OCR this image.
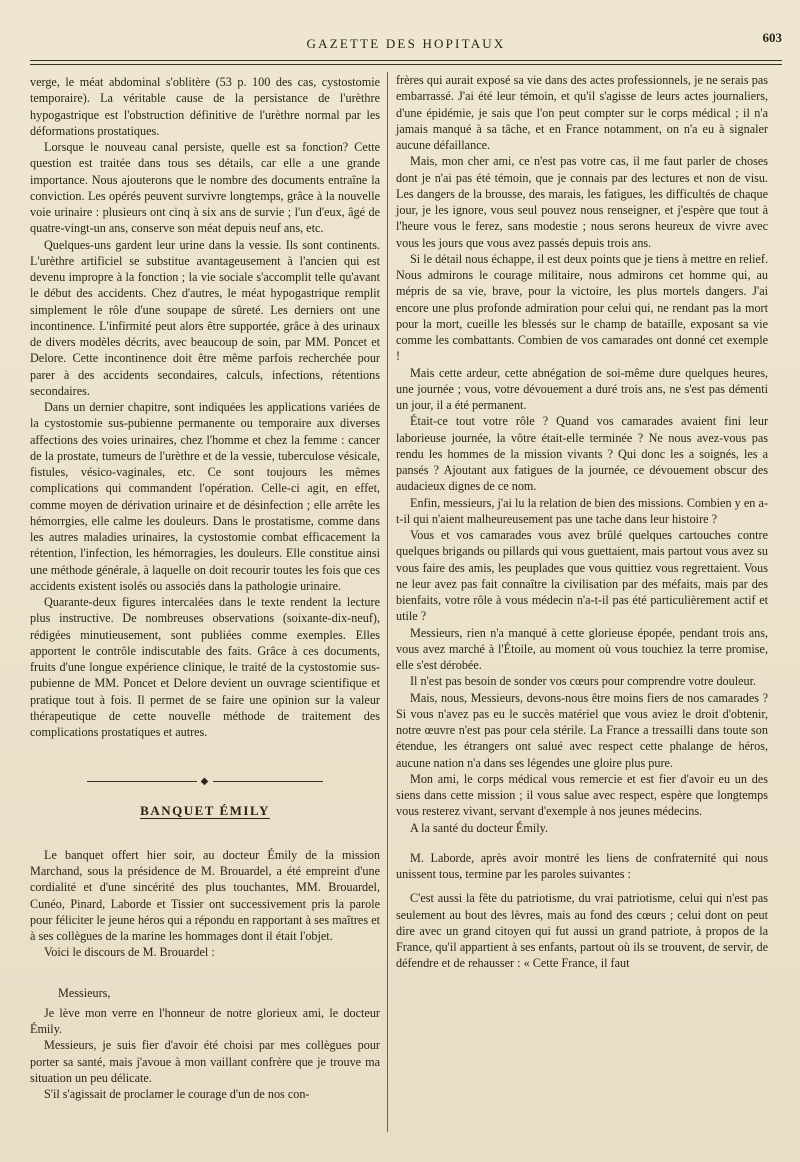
GAZETTE DES HOPITAUX	603

verge, le méat abdominal s'oblitère (53 p. 100 des cas, cystostomie temporaire). La véritable cause de la persistance de l'urèthre hypogastrique est l'obstruction définitive de l'urèthre normal par les déformations prostatiques.

Lorsque le nouveau canal persiste, quelle est sa fonction? Cette question est traitée dans tous ses détails, car elle a une grande importance. Nous ajouterons que le nombre des documents entraîne la conviction. Les opérés peuvent survivre longtemps, grâce à la nouvelle voie urinaire : plusieurs ont cinq à six ans de survie ; l'un d'eux, âgé de quatre-vingt-un ans, conserve son méat depuis neuf ans, etc.

Quelques-uns gardent leur urine dans la vessie. Ils sont continents. L'urèthre artificiel se substitue avantageusement à l'ancien qui est devenu impropre à la fonction ; la vie sociale s'accomplit telle qu'avant le début des accidents. Chez d'autres, le méat hypogastrique remplit simplement le rôle d'une soupape de sûreté. Les derniers ont une incontinence. L'infirmité peut alors être supportée, grâce à des urinaux de divers modèles décrits, avec beaucoup de soin, par MM. Poncet et Delore. Cette incontinence doit être même parfois recherchée pour parer à des accidents secondaires, calculs, infections, rétentions secondaires.

Dans un dernier chapitre, sont indiquées les applications variées de la cystostomie sus-pubienne permanente ou temporaire aux diverses affections des voies urinaires, chez l'homme et chez la femme : cancer de la prostate, tumeurs de l'urèthre et de la vessie, tuberculose vésicale, fistules, vésico-vaginales, etc. Ce sont toujours les mêmes complications qui commandent l'opération. Celle-ci agit, en effet, comme moyen de dérivation urinaire et de désinfection ; elle arrête les hémorrgies, elle calme les douleurs. Dans le prostatisme, comme dans les autres maladies urinaires, la cystostomie combat efficacement la rétention, l'infection, les hémorragies, les douleurs. Elle constitue ainsi une méthode générale, à laquelle on doit recourir toutes les fois que ces accidents existent isolés ou associés dans la pathologie urinaire.

Quarante-deux figures intercalées dans le texte rendent la lecture plus instructive. De nombreuses observations (soixante-dix-neuf), rédigées minutieusement, sont publiées comme exemples. Elles apportent le contrôle indiscutable des faits. Grâce à ces documents, fruits d'une longue expérience clinique, le traité de la cystostomie sus-pubienne de MM. Poncet et Delore devient un ouvrage scientifique et pratique tout à fois. Il permet de se faire une opinion sur la valeur thérapeutique de cette nouvelle méthode de traitement des complications prostatiques et autres.

◆
BANQUET ÉMILY

Le banquet offert hier soir, au docteur Émily de la mission Marchand, sous la présidence de M. Brouardel, a été empreint d'une cordialité et d'une sincérité des plus touchantes, MM. Brouardel, Cunéo, Pinard, Laborde et Tissier ont successivement pris la parole pour féliciter le jeune héros qui a répondu en rapportant à ses maîtres et à ses collègues de la marine les hommages dont il était l'objet.

Voici le discours de M. Brouardel :

Messieurs,

Je lève mon verre en l'honneur de notre glorieux ami, le docteur Émily.

Messieurs, je suis fier d'avoir été choisi par mes collègues pour porter sa santé, mais j'avoue à mon vaillant confrère que je trouve ma situation un peu délicate.

S'il s'agissait de proclamer le courage d'un de nos con-

frères qui aurait exposé sa vie dans des actes professionnels, je ne serais pas embarrassé. J'ai été leur témoin, et qu'il s'agisse de leurs actes journaliers, d'une épidémie, je sais que l'on peut compter sur le corps médical ; il n'a jamais manqué à sa tâche, et en France notamment, on n'a eu à signaler aucune défaillance.

Mais, mon cher ami, ce n'est pas votre cas, il me faut parler de choses dont je n'ai pas été témoin, que je connais par des lectures et non de visu. Les dangers de la brousse, des marais, les fatigues, les difficultés de chaque jour, je les ignore, vous seul pouvez nous renseigner, et j'espère que tout à l'heure vous le ferez, sans modestie ; nous serons heureux de vivre avec vous les jours que vous avez passés depuis trois ans.

Si le détail nous échappe, il est deux points que je tiens à mettre en relief. Nous admirons le courage militaire, nous admirons cet homme qui, au mépris de sa vie, brave, pour la victoire, les plus mortels dangers. J'ai encore une plus profonde admiration pour celui qui, ne rendant pas la mort pour la mort, cueille les blessés sur le champ de bataille, exposant sa vie comme les combattants. Combien de vos camarades ont donné cet exemple !

Mais cette ardeur, cette abnégation de soi-même dure quelques heures, une journée ; vous, votre dévouement a duré trois ans, ne s'est pas démenti un jour, il a été permanent.

Était-ce tout votre rôle ? Quand vos camarades avaient fini leur laborieuse journée, la vôtre était-elle terminée ? Ne nous avez-vous pas rendu les hommes de la mission vivants ? Qui donc les a soignés, les a pansés ? Ajoutant aux fatigues de la journée, ce dévouement obscur des audacieux dignes de ce nom.

Enfin, messieurs, j'ai lu la relation de bien des missions. Combien y en a-t-il qui n'aient malheureusement pas une tache dans leur histoire ?

Vous et vos camarades vous avez brûlé quelques cartouches contre quelques brigands ou pillards qui vous guettaient, mais partout vous avez su vous faire des amis, les peuplades que vous quittiez vous regrettaient. Vous ne leur avez pas fait connaître la civilisation par des méfaits, mais par des bienfaits, votre rôle à vous médecin n'a-t-il pas été particulièrement actif et utile ?

Messieurs, rien n'a manqué à cette glorieuse épopée, pendant trois ans, vous avez marché à l'Étoile, au moment où vous touchiez la terre promise, elle s'est dérobée.

Il n'est pas besoin de sonder vos cœurs pour comprendre votre douleur.

Mais, nous, Messieurs, devons-nous être moins fiers de nos camarades ? Si vous n'avez pas eu le succès matériel que vous aviez le droit d'obtenir, notre œuvre n'est pas pour cela stérile. La France a tressailli dans toute son étendue, les étrangers ont salué avec respect cette phalange de héros, aucune nation n'a dans ses légendes une gloire plus pure.

Mon ami, le corps médical vous remercie et est fier d'avoir eu un des siens dans cette mission ; il vous salue avec respect, espère que longtemps vous resterez vivant, servant d'exemple à nos jeunes médecins.

A la santé du docteur Émily.

M. Laborde, après avoir montré les liens de confraternité qui nous unissent tous, termine par les paroles suivantes :

C'est aussi la fête du patriotisme, du vrai patriotisme, celui qui n'est pas seulement au bout des lèvres, mais au fond des cœurs ; celui dont on peut dire avec un grand citoyen qui fut aussi un grand patriote, à propos de la France, qu'il appartient à ses enfants, partout où ils se trouvent, de servir, de défendre et de rehausser : « Cette France, il faut
